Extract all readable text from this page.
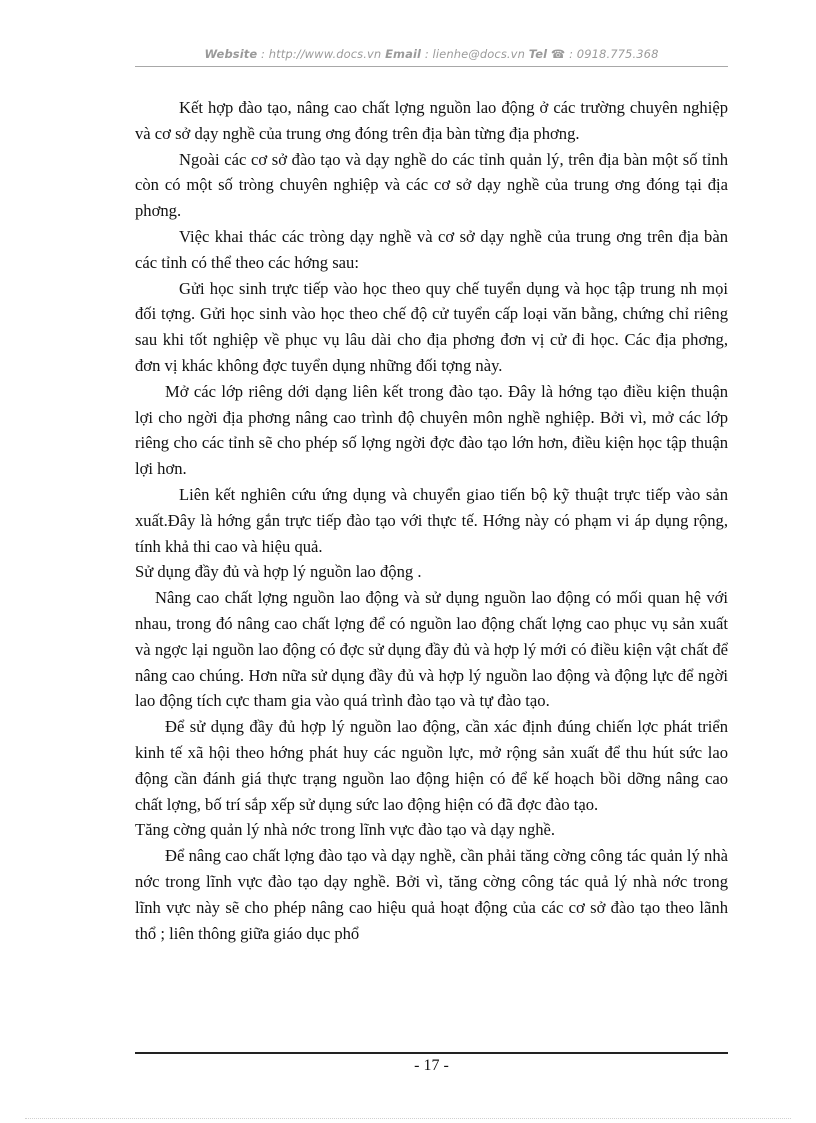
Website : http://www.docs.vn Email : lienhe@docs.vn Tel ☎ : 0918.775.368

Kết hợp đào tạo, nâng cao chất lợng nguồn lao động ở các trường chuyên nghiệp và cơ sở dạy nghề của trung ơng đóng trên địa bàn từng địa phơng.

Ngoài các cơ sở đào tạo và dạy nghề do các tỉnh quản lý, trên địa bàn một số tỉnh còn có một số tròng chuyên nghiệp và các cơ sở dạy nghề của trung ơng đóng tại địa phơng.

Việc khai thác các tròng dạy nghề và cơ sở dạy nghề của trung ơng trên địa bàn các tỉnh có thể theo các hớng sau:

Gửi học sinh trực tiếp vào học theo quy chế tuyển dụng và học tập trung nh mọi đối tợng. Gửi học sinh vào học theo chế độ cử tuyển cấp loại văn bằng, chứng chỉ riêng sau khi tốt nghiệp về phục vụ lâu dài cho địa phơng đơn vị cử đi học. Các địa phơng, đơn vị khác không đợc tuyển dụng những đối tợng này.

Mở các lớp riêng dới dạng liên kết trong đào tạo. Đây là hớng tạo điều kiện thuận lợi cho ngời địa phơng nâng cao trình độ chuyên môn nghề nghiệp. Bởi vì, mở các lớp riêng cho các tỉnh sẽ cho phép số lợng ngời đợc đào tạo lớn hơn, điều kiện học tập thuận lợi hơn.

Liên kết nghiên cứu ứng dụng và chuyển giao tiến bộ kỹ thuật trực tiếp vào sản xuất.Đây là hớng gắn trực tiếp đào tạo với thực tế. Hớng này có phạm vi áp dụng rộng, tính khả thi cao và hiệu quả.

Sử dụng đầy đủ và hợp lý nguồn lao động .

Nâng cao chất lợng nguồn lao động và sử dụng nguồn lao động có mối quan hệ với nhau, trong đó nâng cao chất lợng để có nguồn lao động chất lợng cao phục vụ sản xuất và ngợc lại nguồn lao động có đợc sử dụng đầy đủ và hợp lý mới có điều kiện vật chất để nâng cao chúng. Hơn nữa sử dụng đầy đủ và hợp lý nguồn lao động và động lực để ngời lao động tích cực tham gia vào quá trình đào tạo và tự đào tạo.

Để sử dụng đầy đủ hợp lý nguồn lao động, cần xác định đúng chiến lợc phát triển kinh tế xã hội theo hớng phát huy các nguồn lực, mở rộng sản xuất để thu hút sức lao động cần đánh giá thực trạng nguồn lao động hiện có để kế hoạch bồi dỡng nâng cao chất lợng, bố trí sắp xếp sử dụng sức lao động hiện có đã đợc đào tạo.

Tăng cờng quản lý nhà nớc trong lĩnh vực đào tạo và dạy nghề.

Để nâng cao chất lợng đào tạo và dạy nghề, cần phải tăng cờng công tác quản lý nhà nớc trong lĩnh vực đào tạo dạy nghề. Bởi vì, tăng cờng công tác quả lý nhà nớc trong lĩnh vực này sẽ cho phép nâng cao hiệu quả hoạt động của các cơ sở đào tạo theo lãnh thổ ; liên thông giữa giáo dục phổ

- 17 -
